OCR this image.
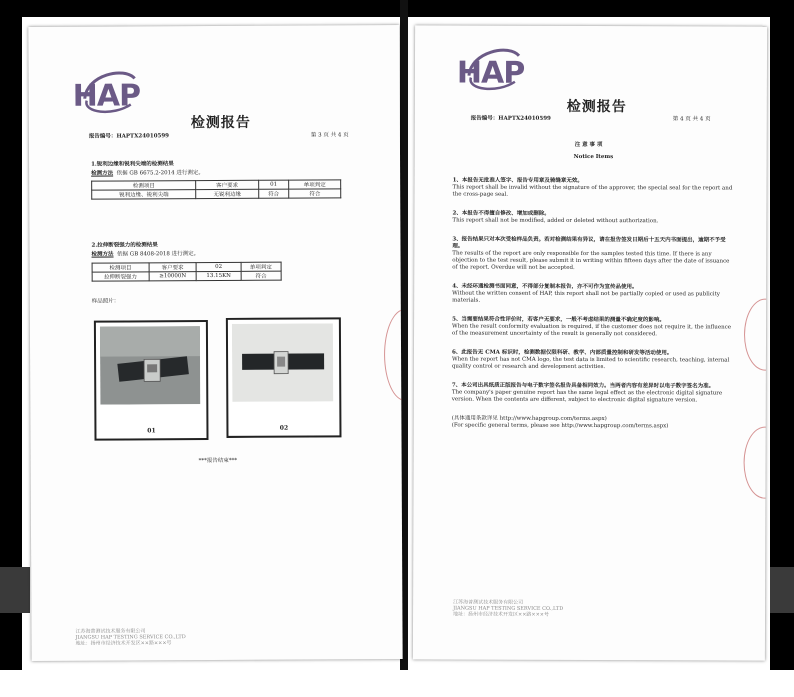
HAP
检测报告
报告编号：HAPTX24010599	第 3 页 共 4 页
1.锐利边缘和锐利尖端的检测结果
检测方法 依据 GB 6675.2-2014 进行测定。
检测项目	客户要求	01	单项判定
锐利边缘、锐利尖端	无锐利边缘	符合	符合
2.拉伸断裂强力的检测结果
检测方法 依据 GB 8408-2018 进行测定。
检测项目	客户要求	02	单项判定
拉伸断裂强力	≥10000N	13.15KN	符合
样品照片：
01	02
***报告结束***
江苏海普测试技术服务有限公司
JIANGSU HAP TESTING SERVICE CO.,LTD
地址：扬州市经济技术开发区××路×××号
HAP
检测报告
报告编号：HAPTX24010599	第 4 页 共 4 页
注 意 事 项
Notice Items

1、本报告无批准人签字、报告专用章及骑缝章无效。

This report shall be invalid without the signature of the approver, the special seal for the report and the cross-page seal.

2、本报告不得擅自修改、增加或删除。

This report shall not be modified, added or deleted without authorization.

3、报告结果只对本次受检样品负责。若对检测结果有异议，请在报告签发日期后十五天内书面提出，逾期不予受理。

The results of the report are only responsible for the samples tested this time. If there is any objection to the test result, please submit it in writing within fifteen days after the date of issuance of the report. Overdue will not be accepted.

4、未经环通检测书面同意，不得部分复制本报告，亦不可作为宣传品使用。

Without the written consent of HAP, this report shall not be partially copied or used as publicity materials.

5、当需要结果符合性评价时，若客户无要求，一般不考虑结果的测量不确定度的影响。

When the result conformity evaluation is required, if the customer does not require it, the influence of the measurement uncertainty of the result is generally not considered.

6、此报告无 CMA 标识时，检测数据仅限科研、教学、内部质量控制和研发等活动使用。

When the report has not CMA logo, the test data is limited to scientific research, teaching, internal quality control or research and development activities.

7、本公司出具纸质正版报告与电子数字签名报告具备相同效力。当两者内容有差异时以电子数字签名为准。

The company's paper genuine report has the same legal effect as the electronic digital signature version. When the contents are different, subject to electronic digital signature version.

(具体通用条款详见 http://www.hapgroup.com/terms.aspx)

(For specific general terms, please see http://www.hapgroup.com/terms.aspx)

江苏海普测试技术服务有限公司
JIANGSU HAP TESTING SERVICE CO.,LTD
地址：扬州市经济技术开发区××路×××号
